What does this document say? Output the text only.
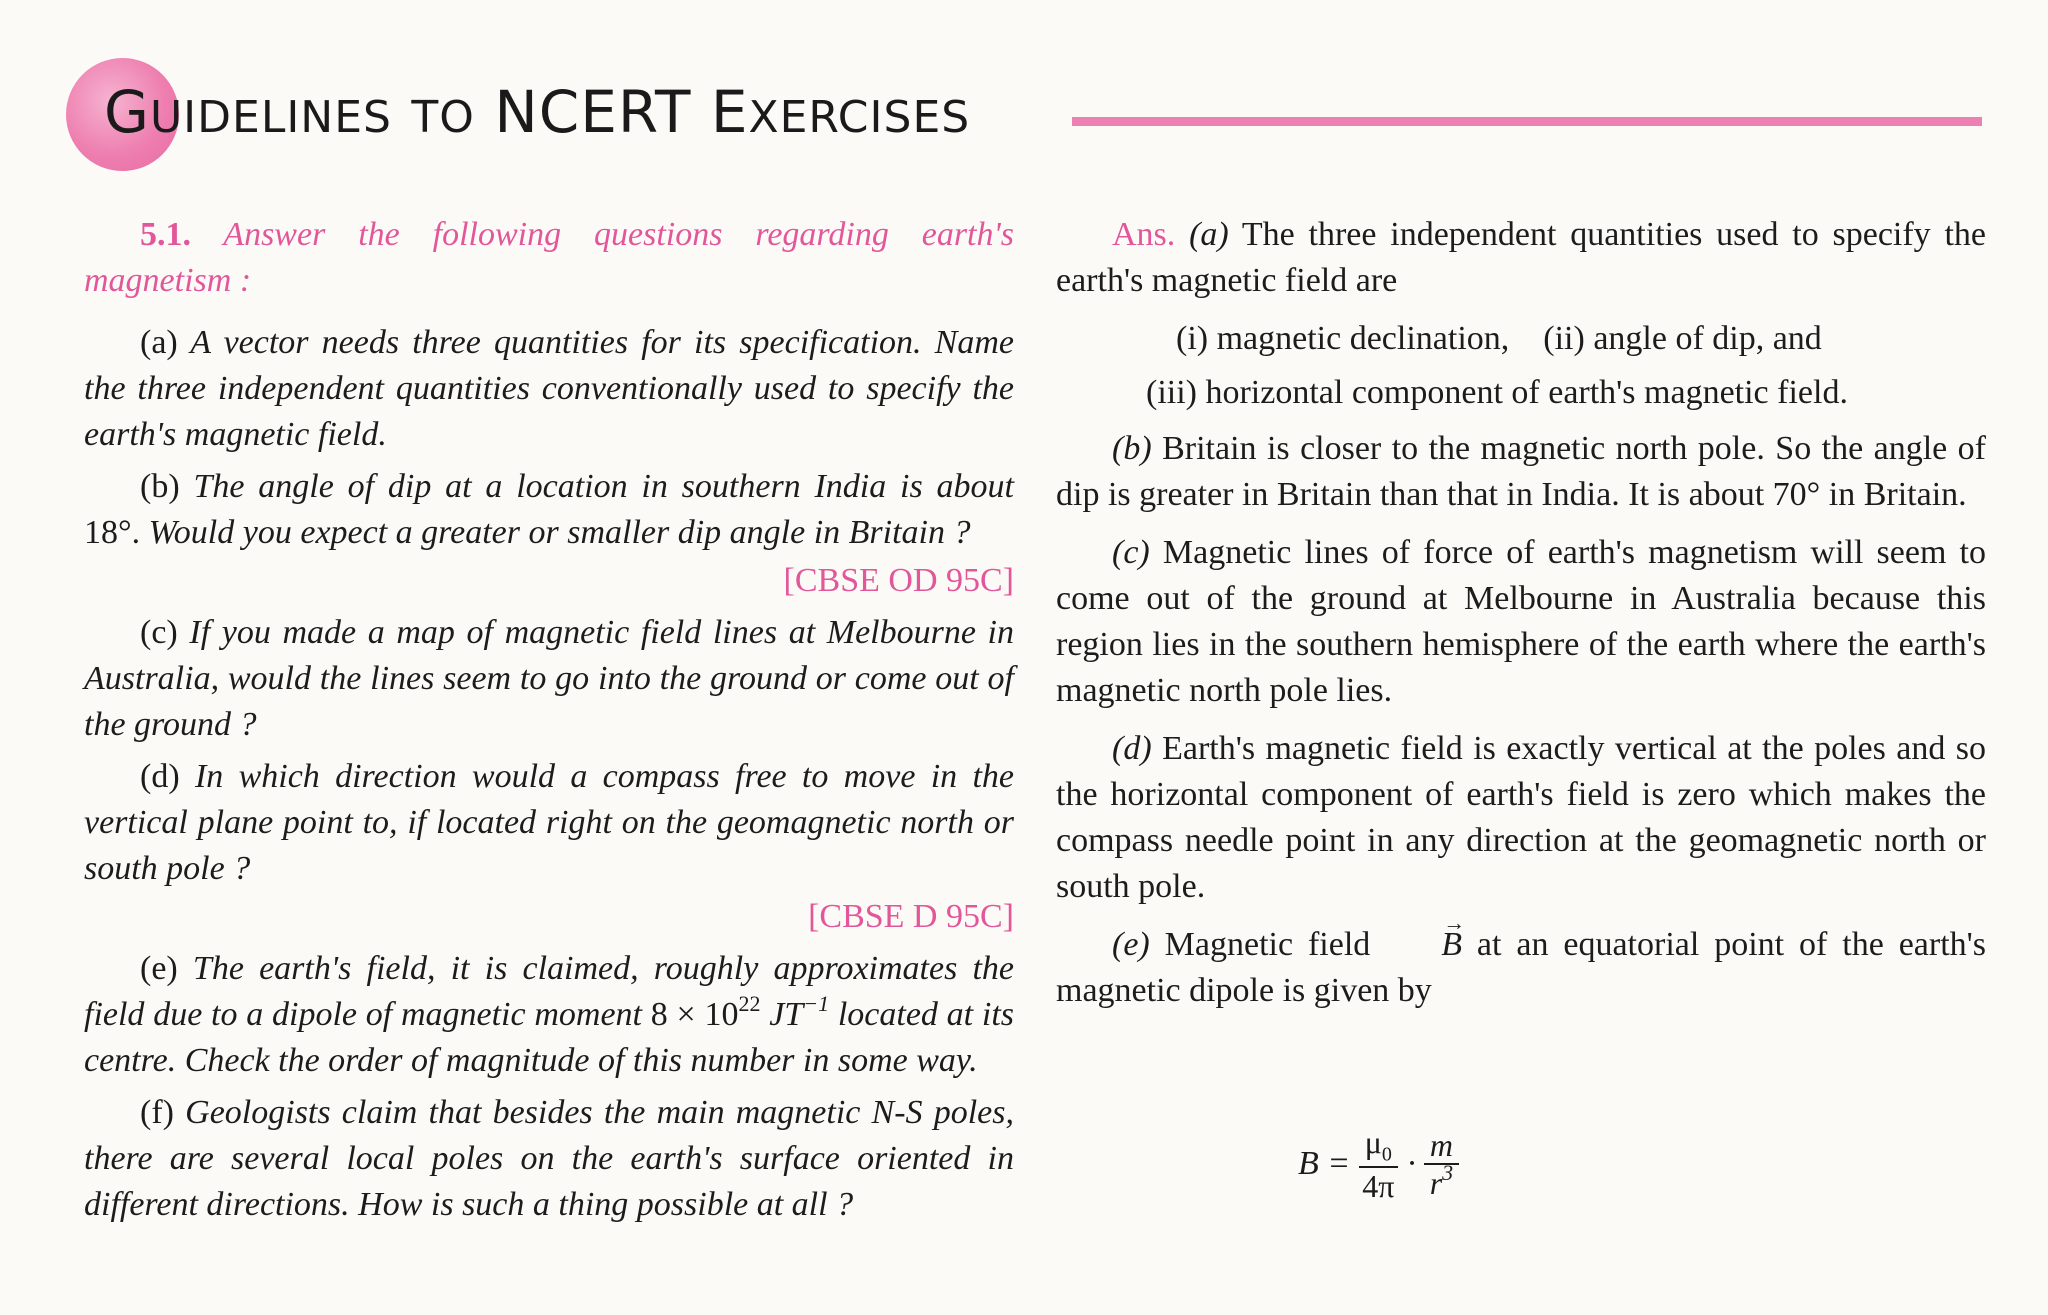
GUIDELINES TO NCERT EXERCISES

5.1. Answer the following questions regarding earth's magnetism :

(a) A vector needs three quantities for its specification. Name the three independent quantities conventionally used to specify the earth's magnetic field.

(b) The angle of dip at a location in southern India is about 18°. Would you expect a greater or smaller dip angle in Britain ?

[CBSE OD 95C]

(c) If you made a map of magnetic field lines at Melbourne in Australia, would the lines seem to go into the ground or come out of the ground ?

(d) In which direction would a compass free to move in the vertical plane point to, if located right on the geomagnetic north or south pole ?

[CBSE D 95C]

(e) The earth's field, it is claimed, roughly approximates the field due to a dipole of magnetic moment $8 \times 10^{22}$ $JT^{-1}$ located at its centre. Check the order of magnitude of this number in some way.

(f) Geologists claim that besides the main magnetic N-S poles, there are several local poles on the earth's surface oriented in different directions. How is such a thing possible at all ?

Ans. (a) The three independent quantities used to specify the earth's magnetic field are

(i) magnetic declination, (ii) angle of dip, and
(iii) horizontal component of earth's magnetic field.

(b) Britain is closer to the magnetic north pole. So the angle of dip is greater in Britain than that in India. It is about 70° in Britain.

(c) Magnetic lines of force of earth's magnetism will seem to come out of the ground at Melbourne in Australia because this region lies in the southern hemisphere of the earth where the earth's magnetic north pole lies.

(d) Earth's magnetic field is exactly vertical at the poles and so the horizontal component of earth's field is zero which makes the compass needle point in any direction at the geomagnetic north or south pole.

(e) Magnetic field → B at an equatorial point of the earth's magnetic dipole is given by

$B = \frac{\mu_0}{4\pi} \cdot \frac{m}{r^3}$
